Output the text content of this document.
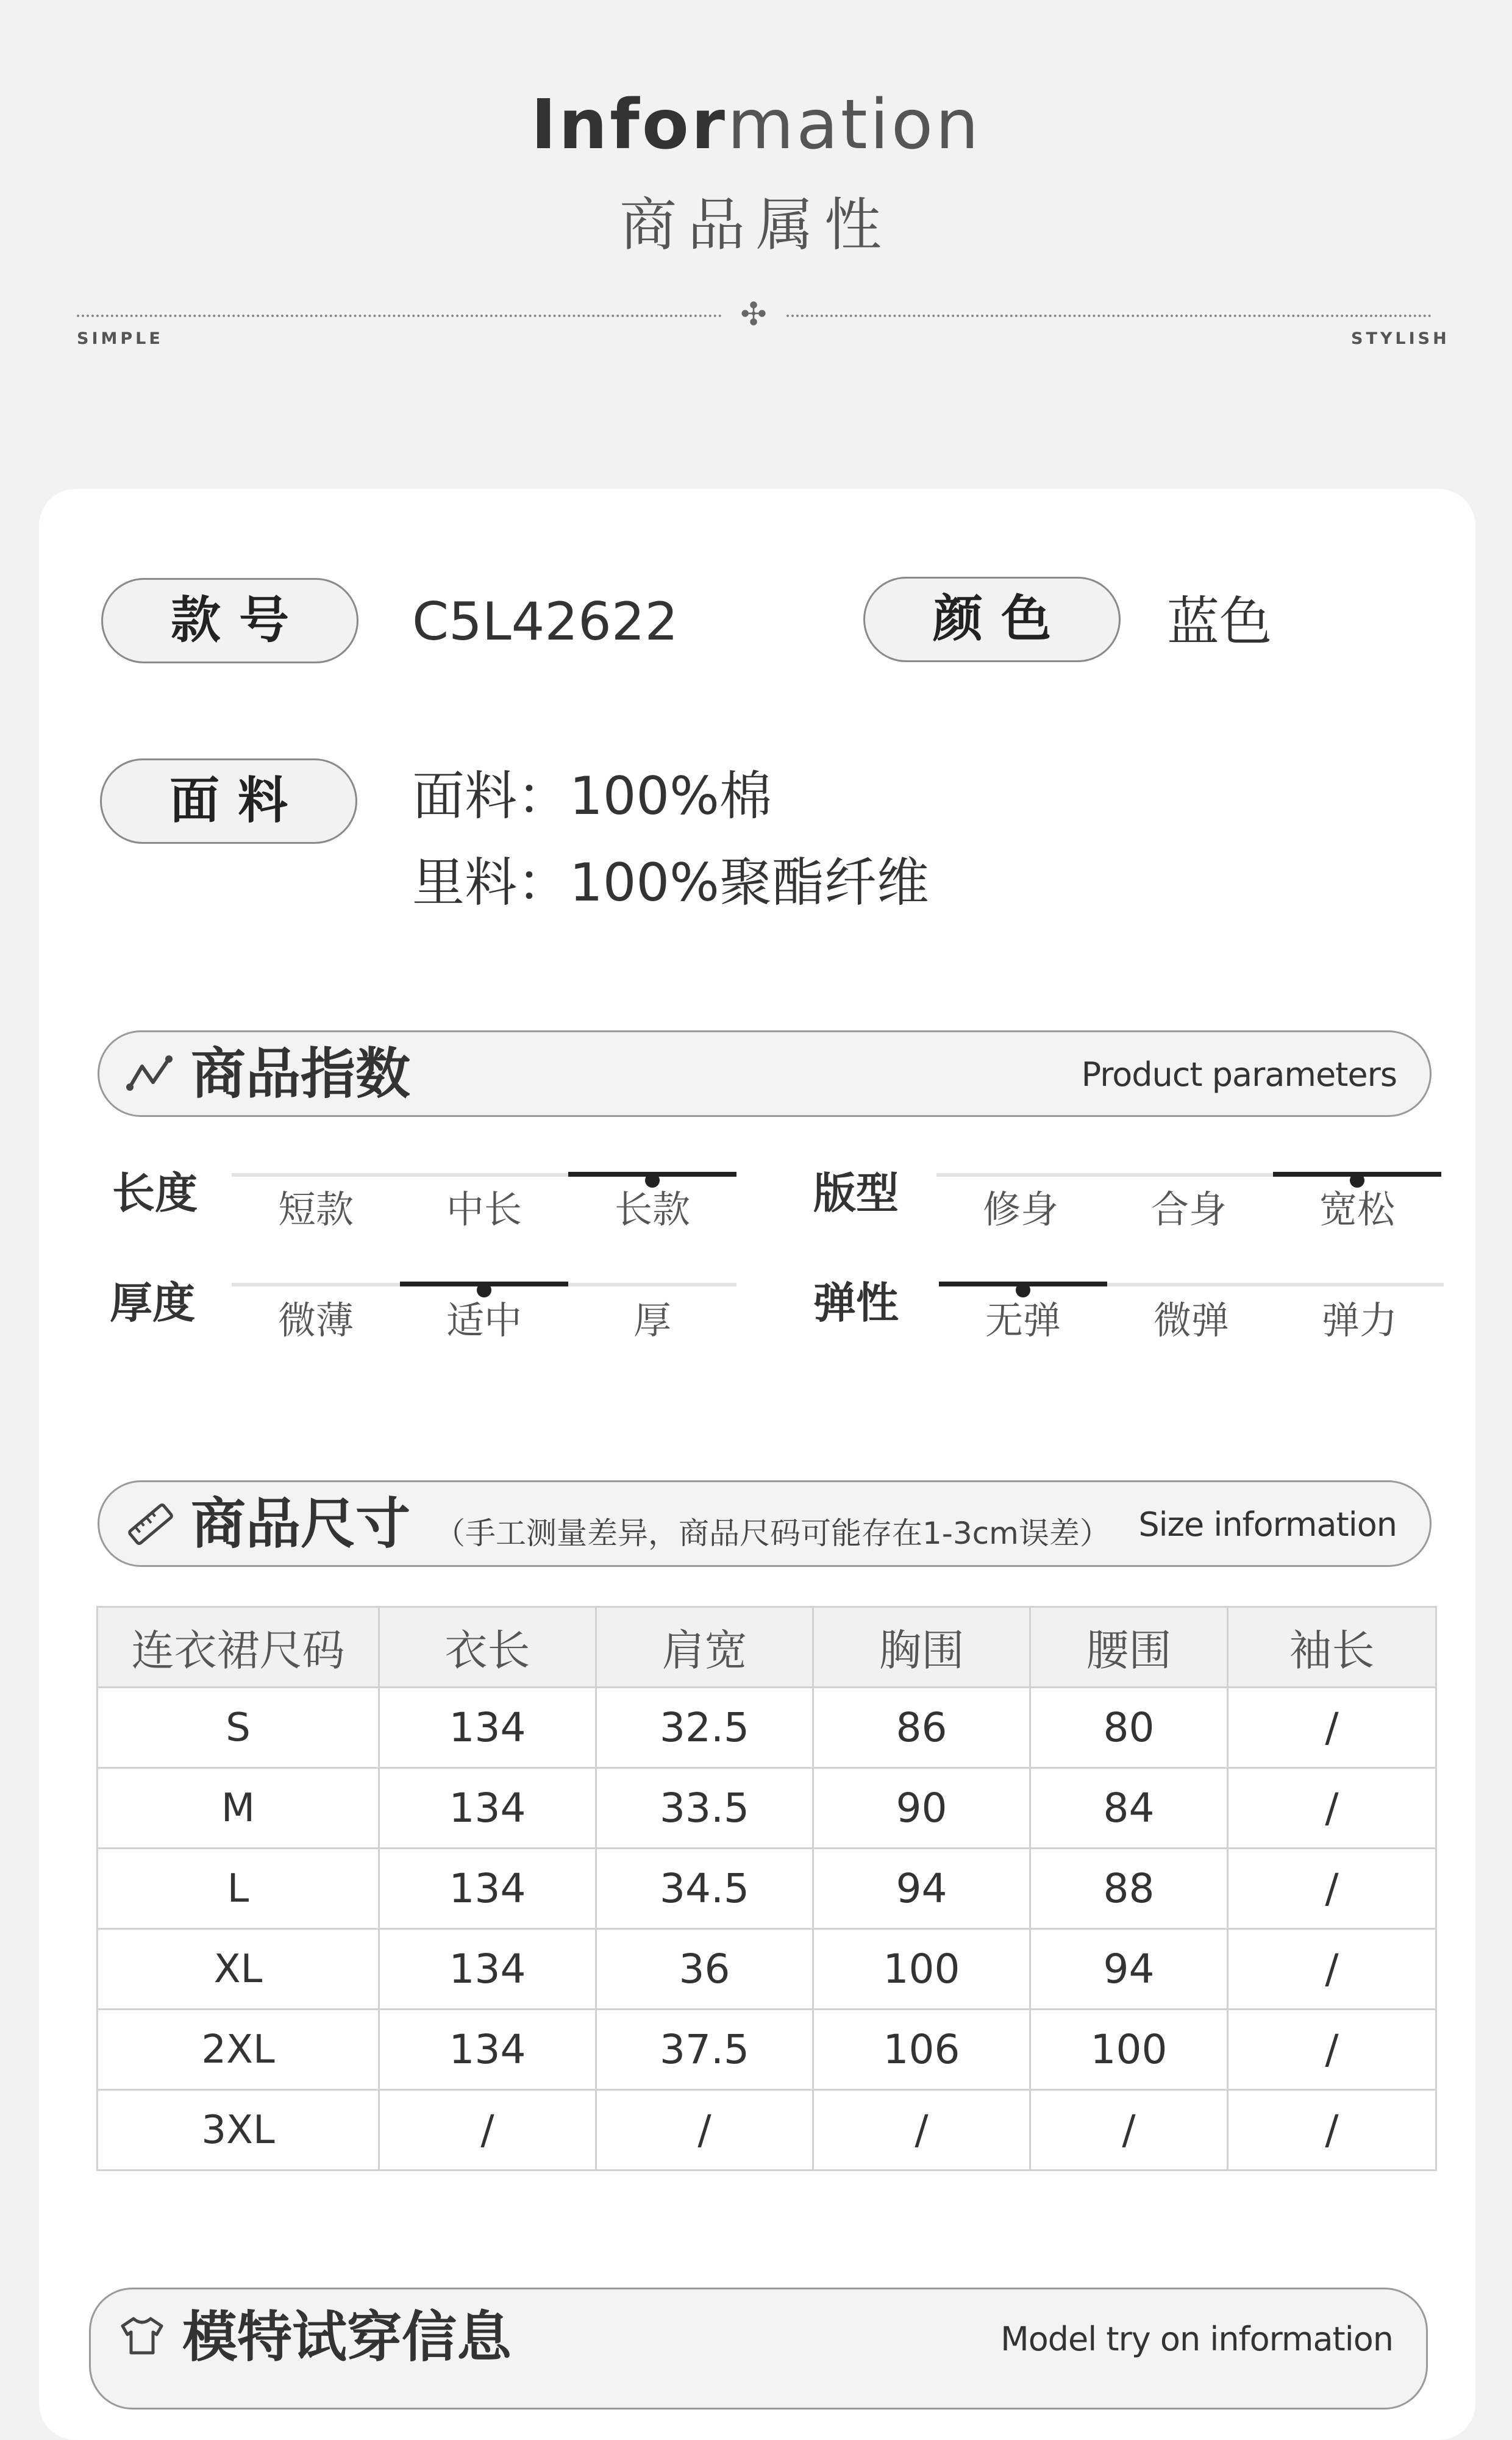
Information
商品属性
✣
SIMPLE	STYLISH
款号	C5L42622	颜色	蓝色
面料	面料：100%棉
里料：100%聚酯纤维
商品指数	Product parameters
长度	短款	中长	长款	版型	修身	合身	宽松
厚度	微薄	适中	厚	弹性	无弹	微弹	弹力
商品尺寸 （手工测量差异，商品尺码可能存在1-3cm误差） Size information
连衣裙尺码	衣长	肩宽	胸围	腰围	袖长
S	134	32.5	86	80	/
M	134	33.5	90	84	/
L	134	34.5	94	88	/
XL	134	36	100	94	/
2XL	134	37.5	106	100	/
3XL	/	/	/	/	/
模特试穿信息	Model try on information
